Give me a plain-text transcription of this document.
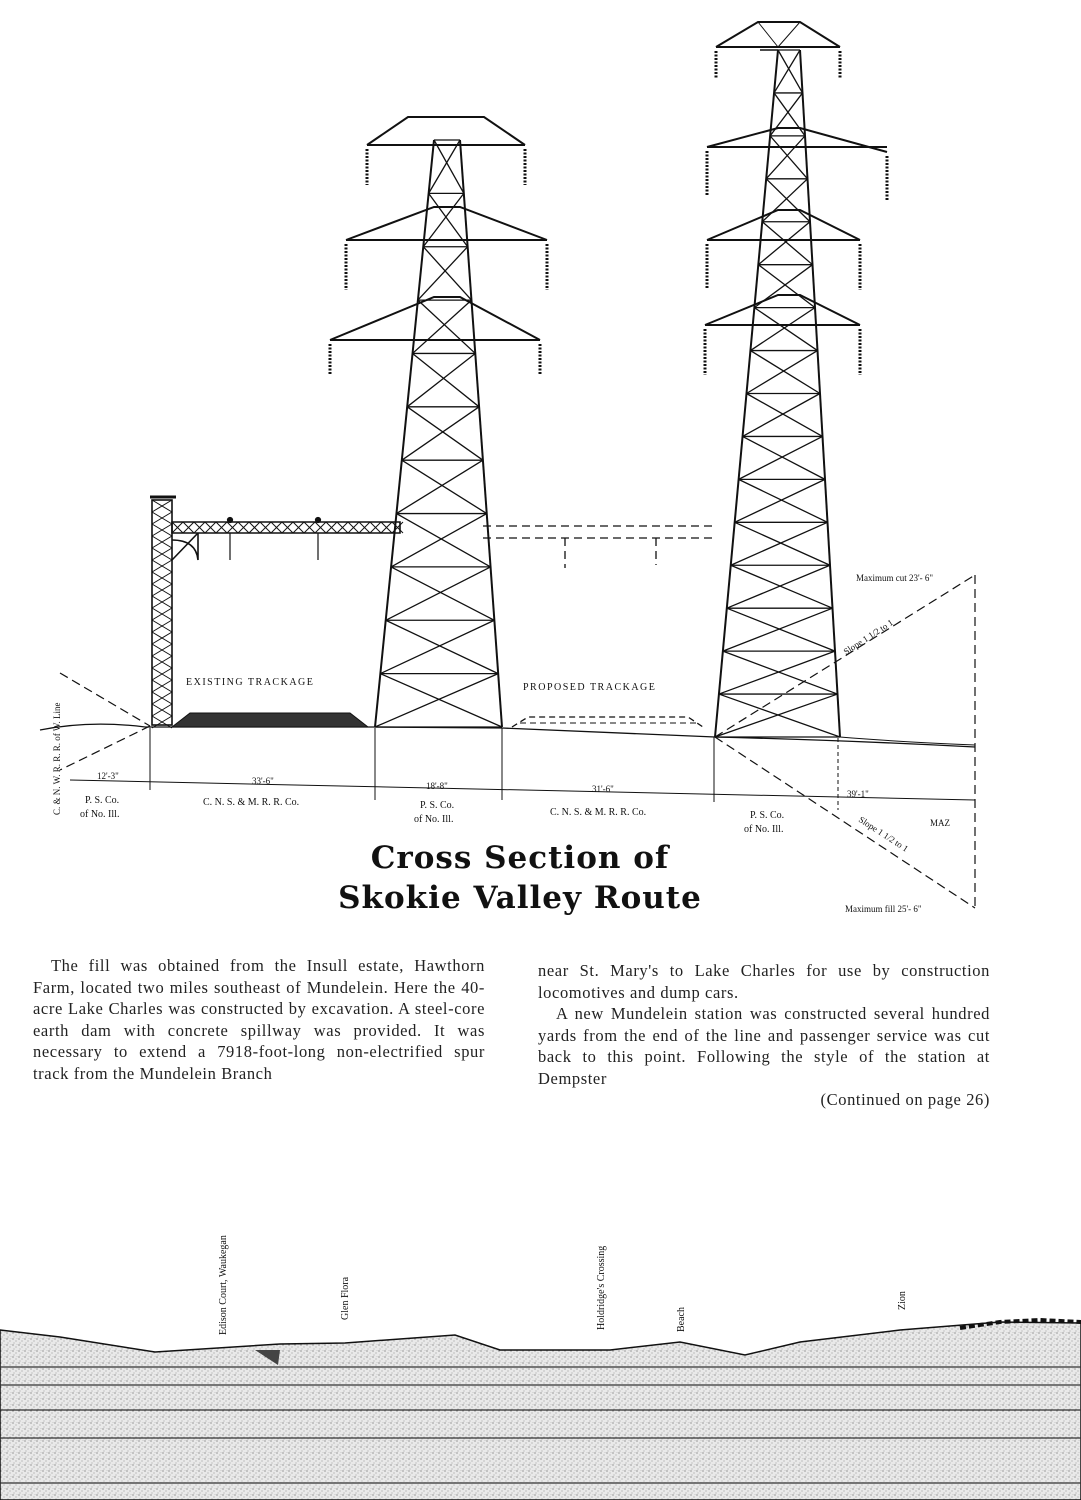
EXISTING TRACKAGE	PROPOSED TRACKAGE
Maximum cut 23'- 6"
Slope 1 1/2 to 1
Slope 1 1/2 to 1
Maximum fill 25'- 6"
MAZ
C. & N. W. R. R. R. of W. Line	12'-3"	33'-6"	18'-8"	31'-6"	39'-1"
P. S. Co.
of No. Ill.
C. N. S. & M. R. R. Co.	P. S. Co.
of No. Ill.
C. N. S. & M. R. R. Co.	P. S. Co.
of No. Ill.
Edison Court, Waukegan	Glen Flora	Holdridge's Crossing	Beach
Zion
Cross Section of
Skokie Valley Route

The fill was obtained from the Insull estate, Hawthorn Farm, located two miles southeast of Mundelein. Here the 40-acre Lake Charles was constructed by excavation. A steel-core earth dam with concrete spillway was provided. It was necessary to extend a 7918-foot-long non-electrified spur track from the Mundelein Branch

near St. Mary's to Lake Charles for use by construction locomotives and dump cars.

A new Mundelein station was constructed several hundred yards from the end of the line and passenger service was cut back to this point. Following the style of the station at Dempster

(Continued on page 26)
